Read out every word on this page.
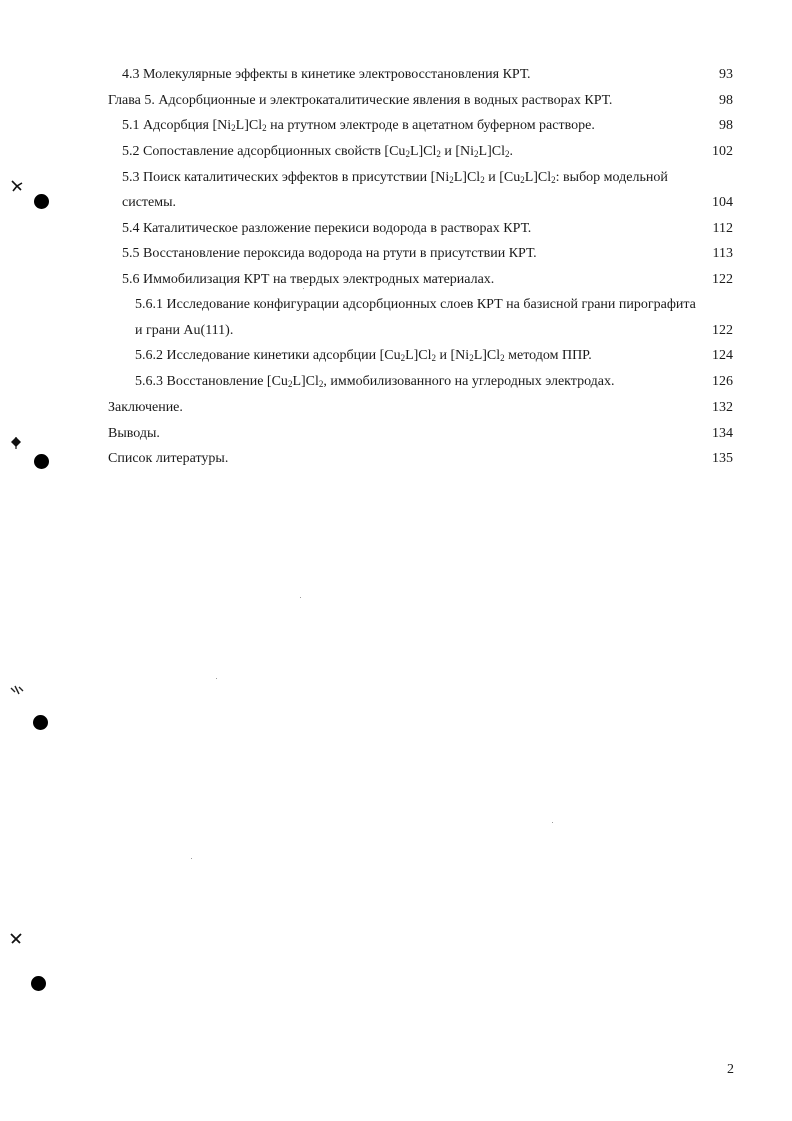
4.3 Молекулярные эффекты в кинетике электровосстановления КРТ.	93
Глава 5. Адсорбционные и электрокаталитические явления в водных растворах КРТ.	98
5.1 Адсорбция $[Ni_2L]Cl_2$ на ртутном электроде в ацетатном буферном растворе.	98
5.2 Сопоставление адсорбционных свойств $[Cu_2L]Cl_2$ и $[Ni_2L]Cl_2$.	102
5.3 Поиск каталитических эффектов в присутствии $[Ni_2L]Cl_2$ и $[Cu_2L]Cl_2$: выбор модельной
системы.	104
5.4 Каталитическое разложение перекиси водорода в растворах КРТ.	112
5.5 Восстановление пероксида водорода на ртути в присутствии КРТ.	113
5.6 Иммобилизация КРТ на твердых электродных материалах.	122
5.6.1 Исследование конфигурации адсорбционных слоев КРТ на базисной грани пирографита
и грани Au(111).	122
5.6.2 Исследование кинетики адсорбции $[Cu_2L]Cl_2$ и $[Ni_2L]Cl_2$ методом ППР.	124
5.6.3 Восстановление $[Cu_2L]Cl_2$, иммобилизованного на углеродных электродах.	126
Заключение.	132
Выводы.	134
Список литературы.	135
2
